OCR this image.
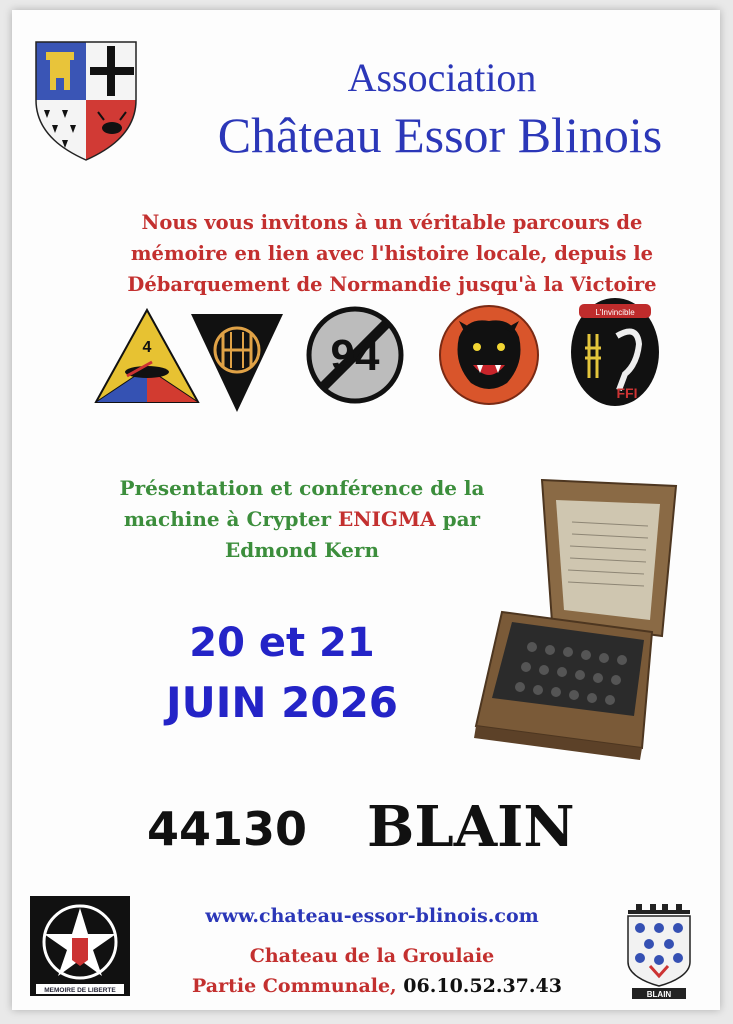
Association
Château Essor Blinois
Nous vous invitons à un véritable parcours de
mémoire en lien avec l'histoire locale, depuis le
Débarquement de Normandie jusqu'à la Victoire
4	94
L'Invincible
FFI
Présentation et conférence de la
machine à Crypter ENIGMA par
Edmond Kern
20 et 21
JUIN 2026
44130 BLAIN
MEMOIRE DE LIBERTE
www.chateau-essor-blinois.com
Chateau de la Groulaie
Partie Communale, 06.10.52.37.43	BLAIN
